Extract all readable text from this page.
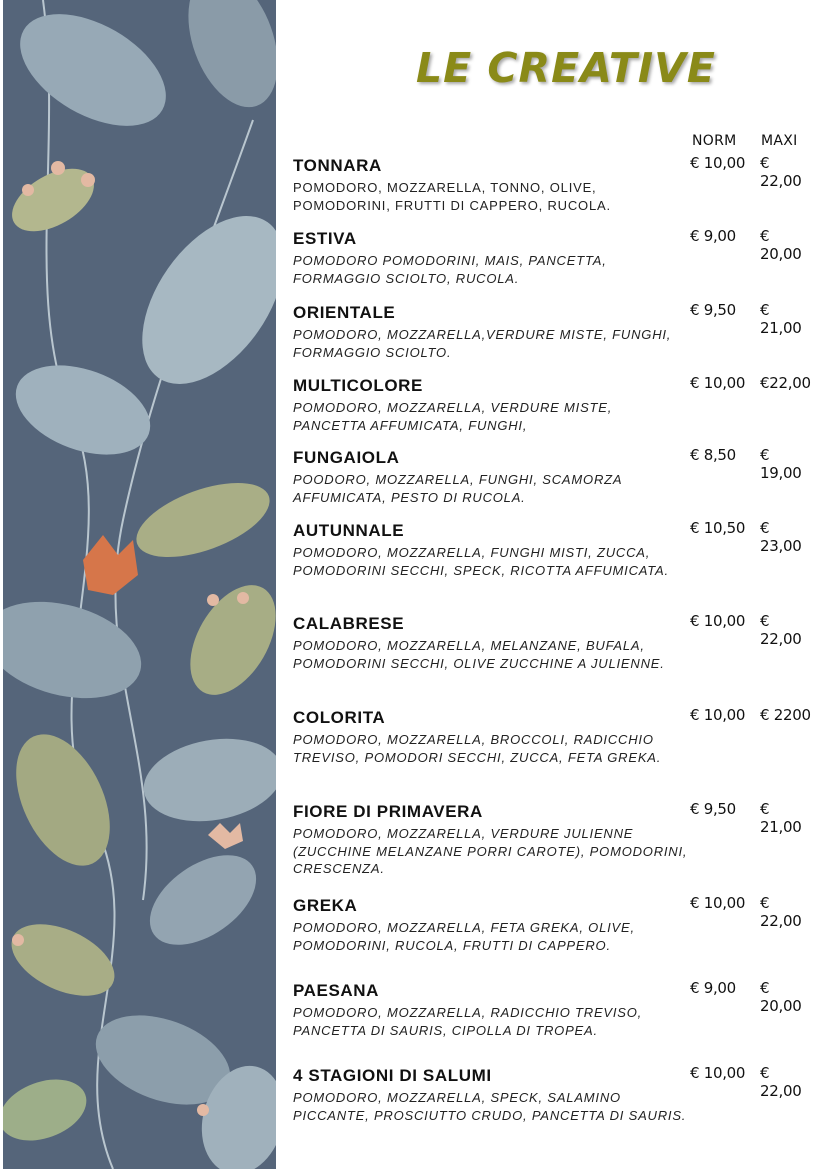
LE CREATIVE
NORM MAXI
TONNARA
POMODORO, MOZZARELLA, TONNO, OLIVE, POMODORINI, FRUTTI DI CAPPERO, RUCOLA.
€ 10,00 € 22,00
ESTIVA
POMODORO POMODORINI, MAIS, PANCETTA, FORMAGGIO SCIOLTO, RUCOLA.
€ 9,00 € 20,00
ORIENTALE
POMODORO, MOZZARELLA,VERDURE MISTE, FUNGHI, FORMAGGIO SCIOLTO.
€ 9,50 € 21,00
MULTICOLORE
POMODORO, MOZZARELLA, VERDURE MISTE, PANCETTA AFFUMICATA, FUNGHI,
€ 10,00 €22,00
FUNGAIOLA
POODORO, MOZZARELLA, FUNGHI, SCAMORZA AFFUMICATA, PESTO DI RUCOLA.
€ 8,50 € 19,00
AUTUNNALE
POMODORO, MOZZARELLA, FUNGHI MISTI, ZUCCA, POMODORINI SECCHI, SPECK, RICOTTA AFFUMICATA.
€ 10,50 € 23,00
CALABRESE
POMODORO, MOZZARELLA, MELANZANE, BUFALA, POMODORINI SECCHI, OLIVE ZUCCHINE A JULIENNE.
€ 10,00 € 22,00
COLORITA
POMODORO, MOZZARELLA, BROCCOLI, RADICCHIO TREVISO, POMODORI SECCHI, ZUCCA, FETA GREKA.
€ 10,00 € 2200
FIORE DI PRIMAVERA
POMODORO, MOZZARELLA, VERDURE JULIENNE (ZUCCHINE MELANZANE PORRI CAROTE), POMODORINI, CRESCENZA.
€ 9,50 € 21,00
GREKA
POMODORO, MOZZARELLA, FETA GREKA, OLIVE, POMODORINI, RUCOLA, FRUTTI DI CAPPERO.
€ 10,00 € 22,00
PAESANA
POMODORO, MOZZARELLA, RADICCHIO TREVISO, PANCETTA DI SAURIS, CIPOLLA DI TROPEA.
€ 9,00 € 20,00
4 STAGIONI DI SALUMI
POMODORO, MOZZARELLA, SPECK, SALAMINO PICCANTE, PROSCIUTTO CRUDO, PANCETTA DI SAURIS.
€ 10,00 € 22,00
